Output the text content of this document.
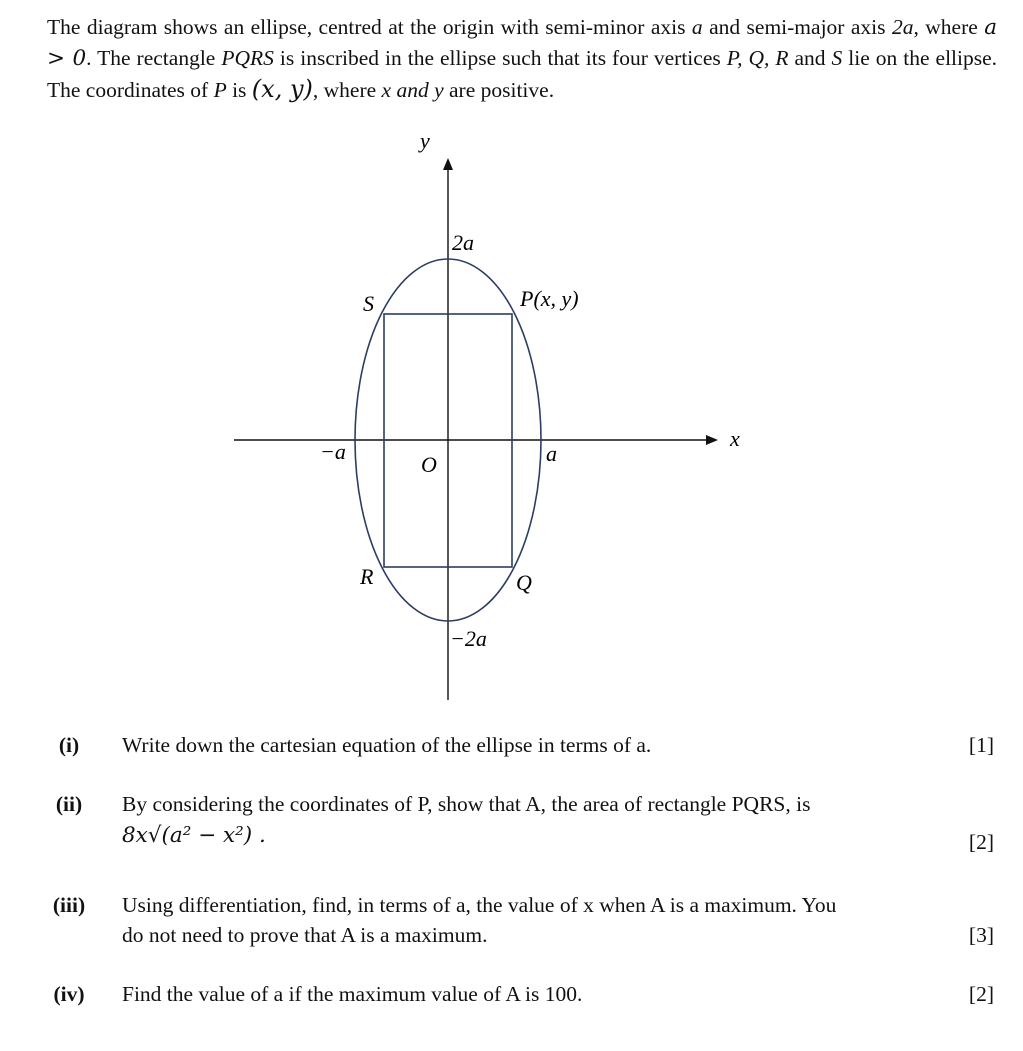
The diagram shows an ellipse, centred at the origin with semi-minor axis a and semi-major axis 2a, where a > 0. The rectangle PQRS is inscribed in the ellipse such that its four vertices P, Q, R and S lie on the ellipse. The coordinates of P is (x, y), where x and y are positive.
y
x
2a
−2a
a
−a
O
S	P(x, y)
R	Q
(i)	Write down the cartesian equation of the ellipse in terms of a.	[1]
(ii)	By considering the coordinates of P, show that A, the area of rectangle PQRS, is
8x√(a² − x²) .	[2]
(iii)	Using differentiation, find, in terms of a, the value of x when A is a maximum. You
do not need to prove that A is a maximum.	[3]
(iv)	Find the value of a if the maximum value of A is 100.	[2]
